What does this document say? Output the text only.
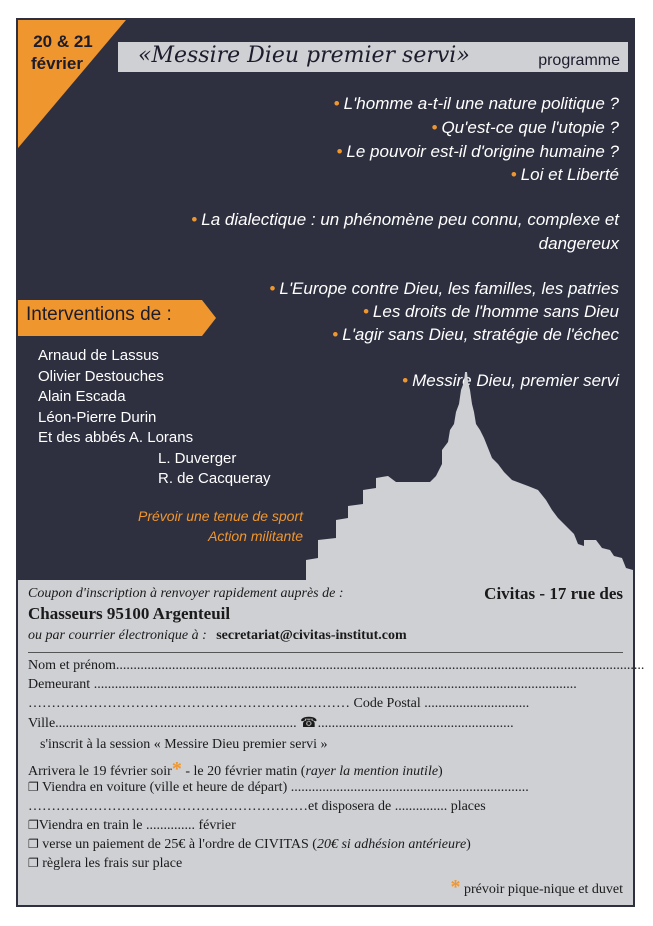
20 & 21
février	«Messire Dieu premier servi»	programme
• L'homme a-t-il une nature politique ?
• Qu'est-ce que l'utopie ?
• Le pouvoir est-il d'origine humaine ?
• Loi et Liberté
• La dialectique : un phénomène peu connu, complexe et
dangereux
• L'Europe contre Dieu, les familles, les patries
• Les droits de l'homme sans Dieu
• L'agir sans Dieu, stratégie de l'échec
• Messire Dieu, premier servi
Interventions de :
Arnaud de Lassus
Olivier Destouches
Alain Escada
Léon-Pierre Durin
Et des abbés A. Lorans
L. Duverger
R. de Cacqueray
Prévoir une tenue de sport
Action militante
Coupon d'inscription à renvoyer rapidement auprès de :	Civitas - 17 rue des
Chasseurs 95100 Argenteuil
ou par courrier électronique à : secretariat@civitas-institut.com
Nom et prénom.......................................................................................................................................................
Demeurant ..........................................................................................................................................
…………………………………………………………… Code Postal ..............................
Ville..................................................................... ☎........................................................
s'inscrit à la session « Messire Dieu premier servi »
Arrivera le 19 février soir* - le 20 février matin (rayer la mention inutile)
❐ Viendra en voiture (ville et heure de départ) ....................................................................
……………………………………………………et disposera de ............... places
❐Viendra en train le .............. février
❐ verse un paiement de 25€ à l'ordre de CIVITAS (20€ si adhésion antérieure)
❐ règlera les frais sur place
* prévoir pique-nique et duvet
